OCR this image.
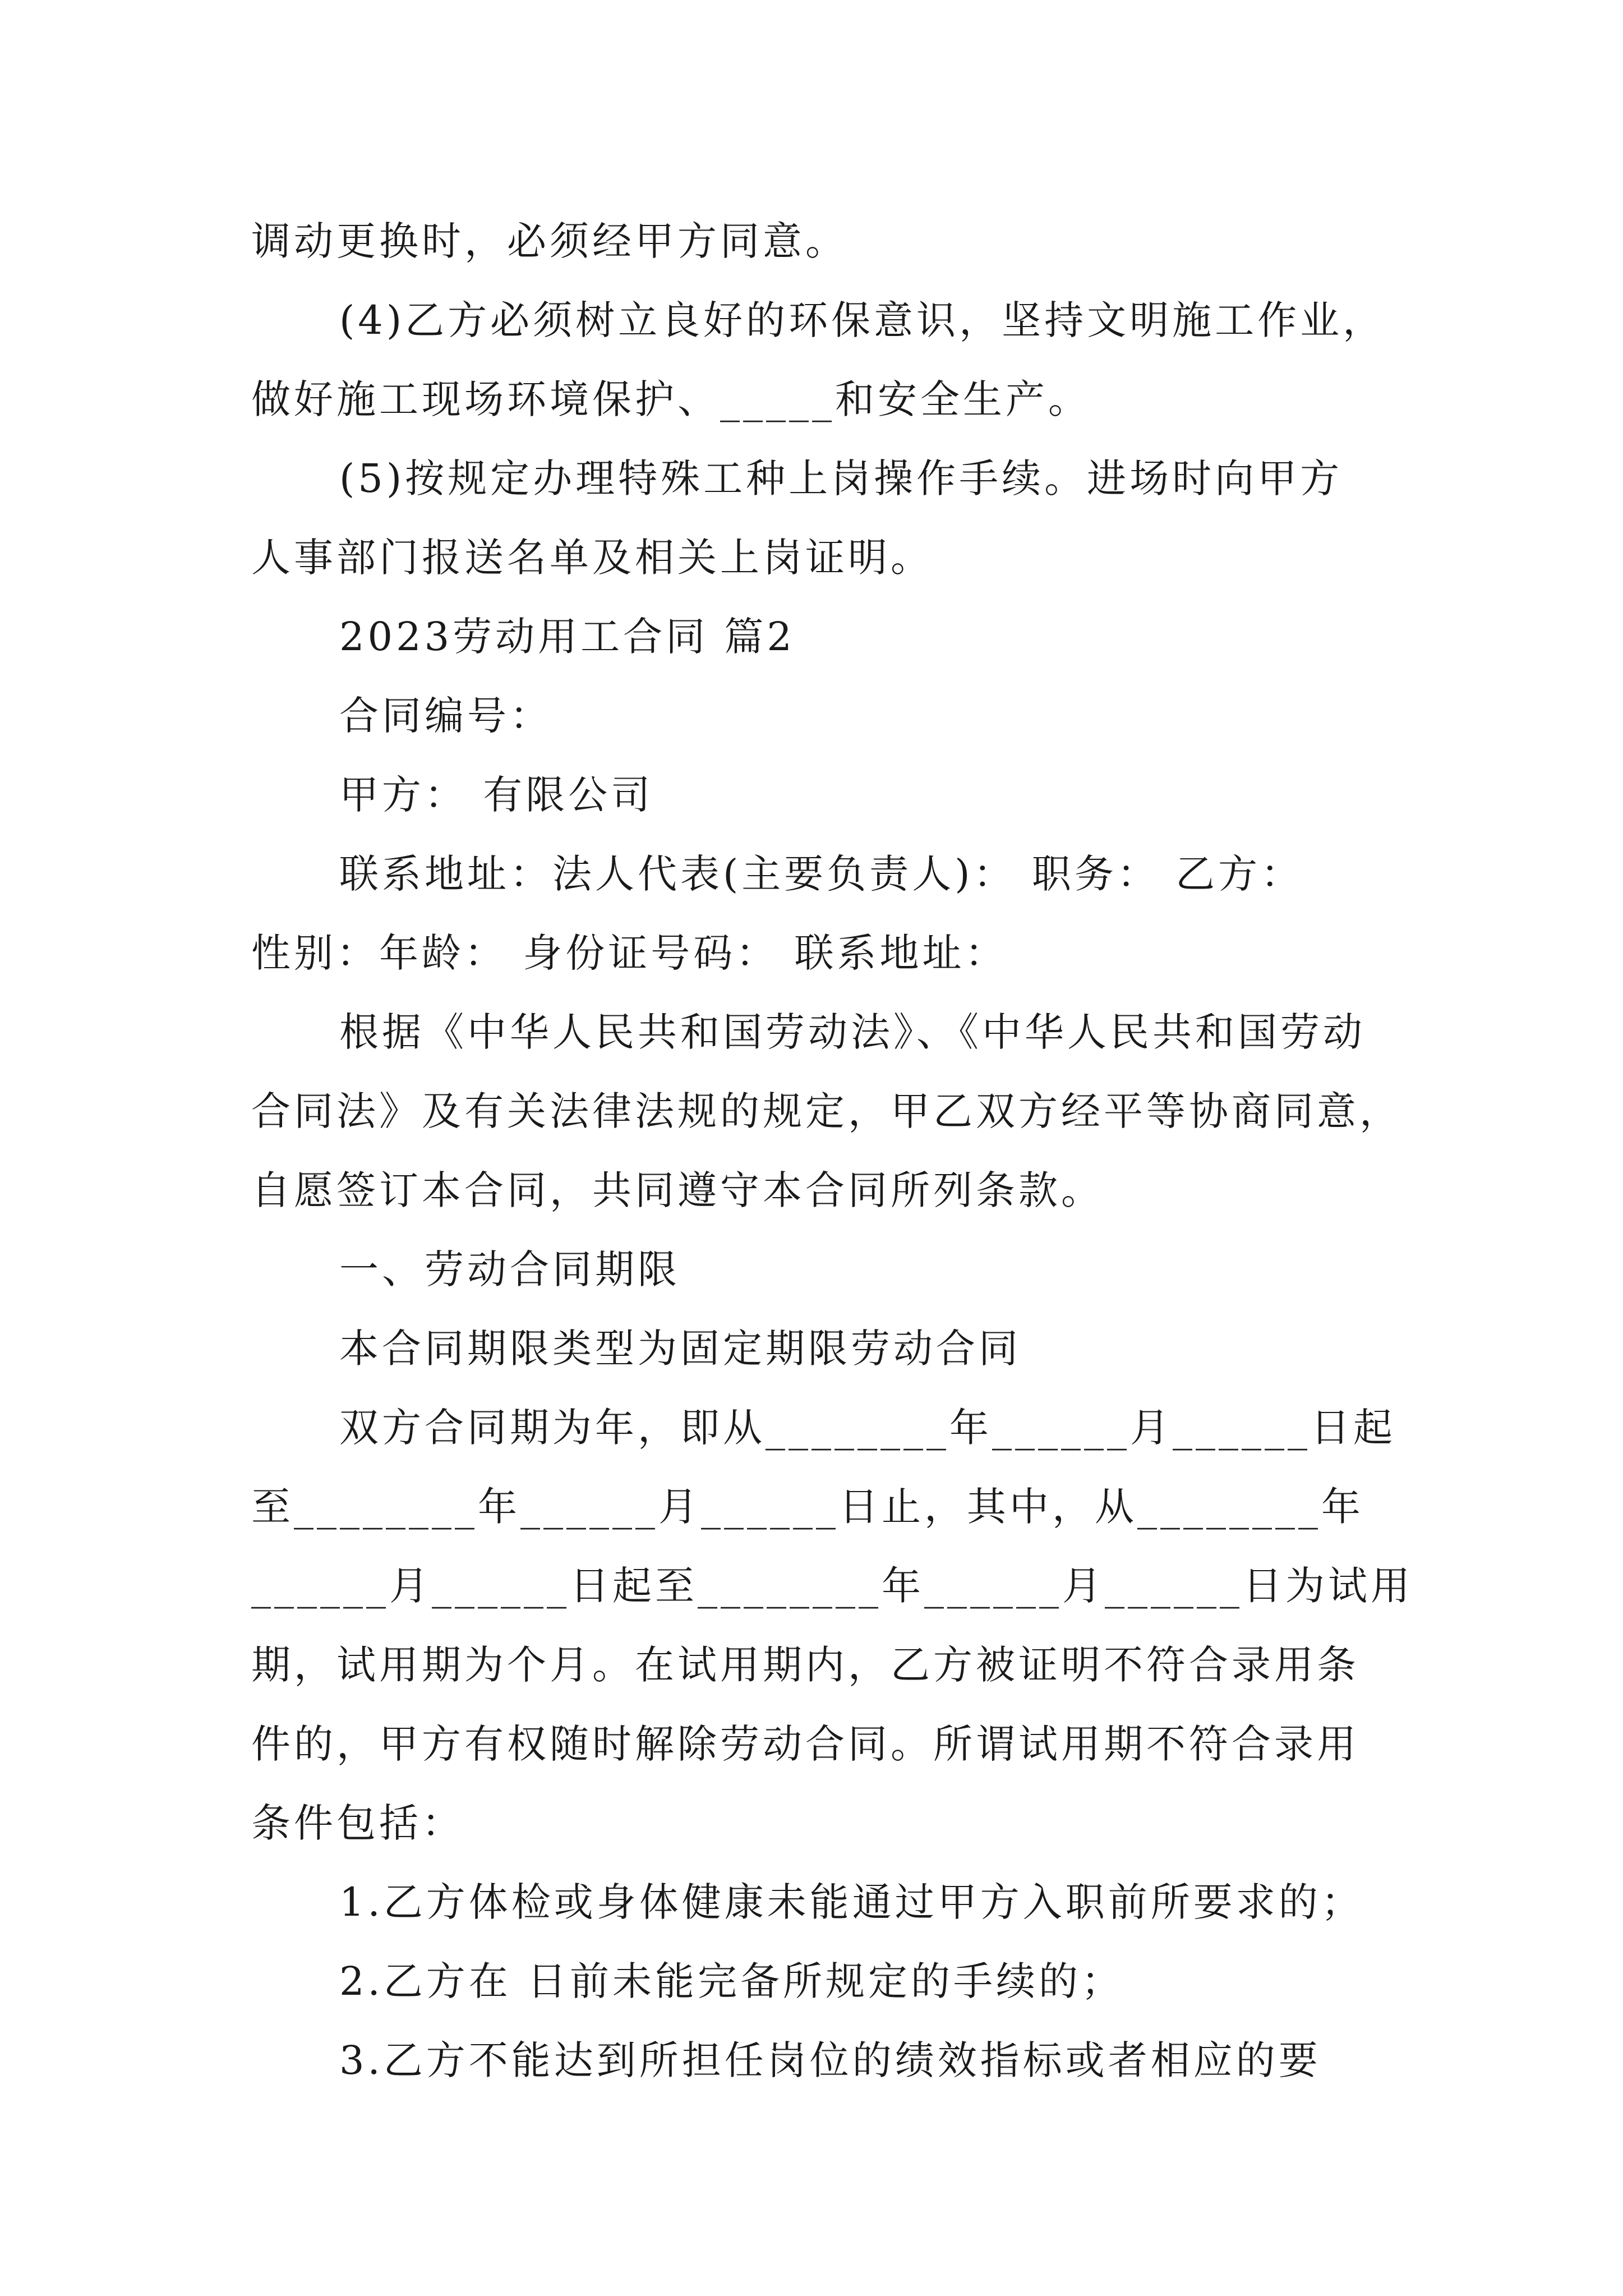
调动更换时，必须经甲方同意。
(4)乙方必须树立良好的环保意识，坚持文明施工作业，
做好施工现场环境保护、_____和安全生产。
(5)按规定办理特殊工种上岗操作手续。进场时向甲方
人事部门报送名单及相关上岗证明。
2023劳动用工合同 篇2
合同编号：
甲方： 有限公司
联系地址：法人代表(主要负责人)： 职务： 乙方：
性别：年龄： 身份证号码： 联系地址：
根据《中华人民共和国劳动法》、《中华人民共和国劳动
合同法》及有关法律法规的规定，甲乙双方经平等协商同意，
自愿签订本合同，共同遵守本合同所列条款。
一、劳动合同期限
本合同期限类型为固定期限劳动合同
双方合同期为年，即从________年______月______日起
至________年______月______日止，其中，从________年
______月______日起至________年______月______日为试用
期，试用期为个月。在试用期内，乙方被证明不符合录用条
件的，甲方有权随时解除劳动合同。所谓试用期不符合录用
条件包括：
1.乙方体检或身体健康未能通过甲方入职前所要求的；
2.乙方在 日前未能完备所规定的手续的；
3.乙方不能达到所担任岗位的绩效指标或者相应的要
